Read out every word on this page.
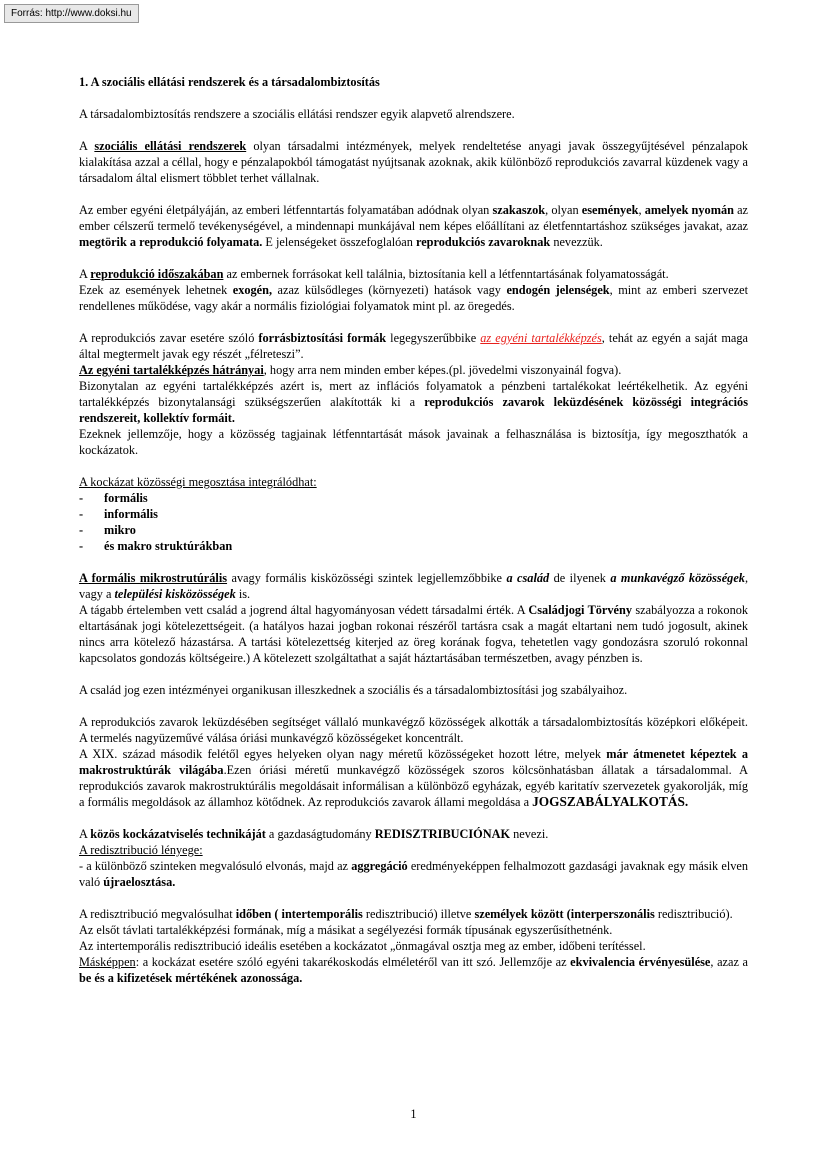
Forrás: http://www.doksi.hu

1. A szociális ellátási rendszerek és a társadalombiztosítás

A társadalombiztosítás rendszere a szociális ellátási rendszer egyik alapvető alrendszere.

A szociális ellátási rendszerek olyan társadalmi intézmények, melyek rendeltetése anyagi javak összegyűjtésével pénzalapok kialakítása azzal a céllal, hogy e pénzalapokból támogatást nyújtsanak azoknak, akik különböző reprodukciós zavarral küzdenek vagy a társadalom által elismert többlet terhet vállalnak.

Az ember egyéni életpályáján, az emberi létfenntartás folyamatában adódnak olyan szakaszok, olyan események, amelyek nyomán az ember célszerű termelő tevékenységével, a mindennapi munkájával nem képes előállítani az életfenntartáshoz szükséges javakat, azaz megtörik a reprodukció folyamata. E jelenségeket összefoglalóan reprodukciós zavaroknak nevezzük.

A reprodukció időszakában az embernek forrásokat kell találnia, biztosítania kell a létfenntartásának folyamatosságát.
Ezek az események lehetnek exogén, azaz külsődleges (környezeti) hatások vagy endogén jelenségek, mint az emberi szervezet rendellenes működése, vagy akár a normális fiziológiai folyamatok mint pl. az öregedés.

A reprodukciós zavar esetére szóló forrásbiztosítási formák legegyszerűbbike az egyéni tartalékképzés, tehát az egyén a saját maga által megtermelt javak egy részét „félreteszi”.
Az egyéni tartalékképzés hátrányai, hogy arra nem minden ember képes.(pl. jövedelmi viszonyainál fogva).
Bizonytalan az egyéni tartalékképzés azért is, mert az inflációs folyamatok a pénzbeni tartalékokat leértékelhetik. Az egyéni tartalékképzés bizonytalansági szükségszerűen alakították ki a reprodukciós zavarok leküzdésének közösségi integrációs rendszereit, kollektív formáit.
Ezeknek jellemzője, hogy a közösség tagjainak létfenntartását mások javainak a felhasználása is biztosítja, így megoszthatók a kockázatok.

A kockázat közösségi megosztása integrálódhat:

- formális
- informális
- mikro
- és makro struktúrákban

A formális mikrostrutúrális avagy formális kisközösségi szintek legjellemzőbbike a család de ilyenek a munkavégző közösségek, vagy a települési kisközösségek is.
A tágabb értelemben vett család a jogrend által hagyományosan védett társadalmi érték. A Családjogi Törvény szabályozza a rokonok eltartásának jogi kötelezettségeit. (a hatályos hazai jogban rokonai részéről tartásra csak a magát eltartani nem tudó jogosult, akinek nincs arra kötelező házastársa. A tartási kötelezettség kiterjed az öreg korának fogva, tehetetlen vagy gondozásra szoruló rokonnal kapcsolatos gondozás költségeire.) A kötelezett szolgáltathat a saját háztartásában természetben, avagy pénzben is.

A család jog ezen intézményei organikusan illeszkednek a szociális és a társadalombiztosítási jog szabályaihoz.

A reprodukciós zavarok leküzdésében segítséget vállaló munkavégző közösségek alkották a társadalombiztosítás középkori előképeit. A termelés nagyüzeművé válása óriási munkavégző közösségeket koncentrált.
A XIX. század második felétől egyes helyeken olyan nagy méretű közösségeket hozott létre, melyek már átmenetet képeztek a makrostruktúrák világába.Ezen óriási méretű munkavégző közösségek szoros kölcsönhatásban állatak a társadalommal. A reprodukciós zavarok makrostruktúrális megoldásait informálisan a különböző egyházak, egyéb karitatív szervezetek gyakorolják, míg a formális megoldások az államhoz kötődnek. Az reprodukciós zavarok állami megoldása a JOGSZABÁLYALKOTÁS.

A közös kockázatviselés technikáját a gazdaságtudomány REDISZTRIBUCIÓNAK nevezi.
A redisztribució lényege:
- a különböző szinteken megvalósuló elvonás, majd az aggregáció eredményeképpen felhalmozott gazdasági javaknak egy másik elven való újraelosztása.

A redisztribució megvalósulhat időben ( intertemporális redisztribució) illetve személyek között (interperszonális redisztribució).
Az elsőt távlati tartalékképzési formának, míg a másikat a segélyezési formák típusának egyszerűsíthetnénk.
Az intertemporális redisztribució ideális esetében a kockázatot „önmagával osztja meg az ember, időbeni terítéssel.
Másképpen: a kockázat esetére szóló egyéni takarékoskodás elméletéről van itt szó. Jellemzője az ekvivalencia érvényesülése, azaz a be és a kifizetések mértékének azonossága.

1
